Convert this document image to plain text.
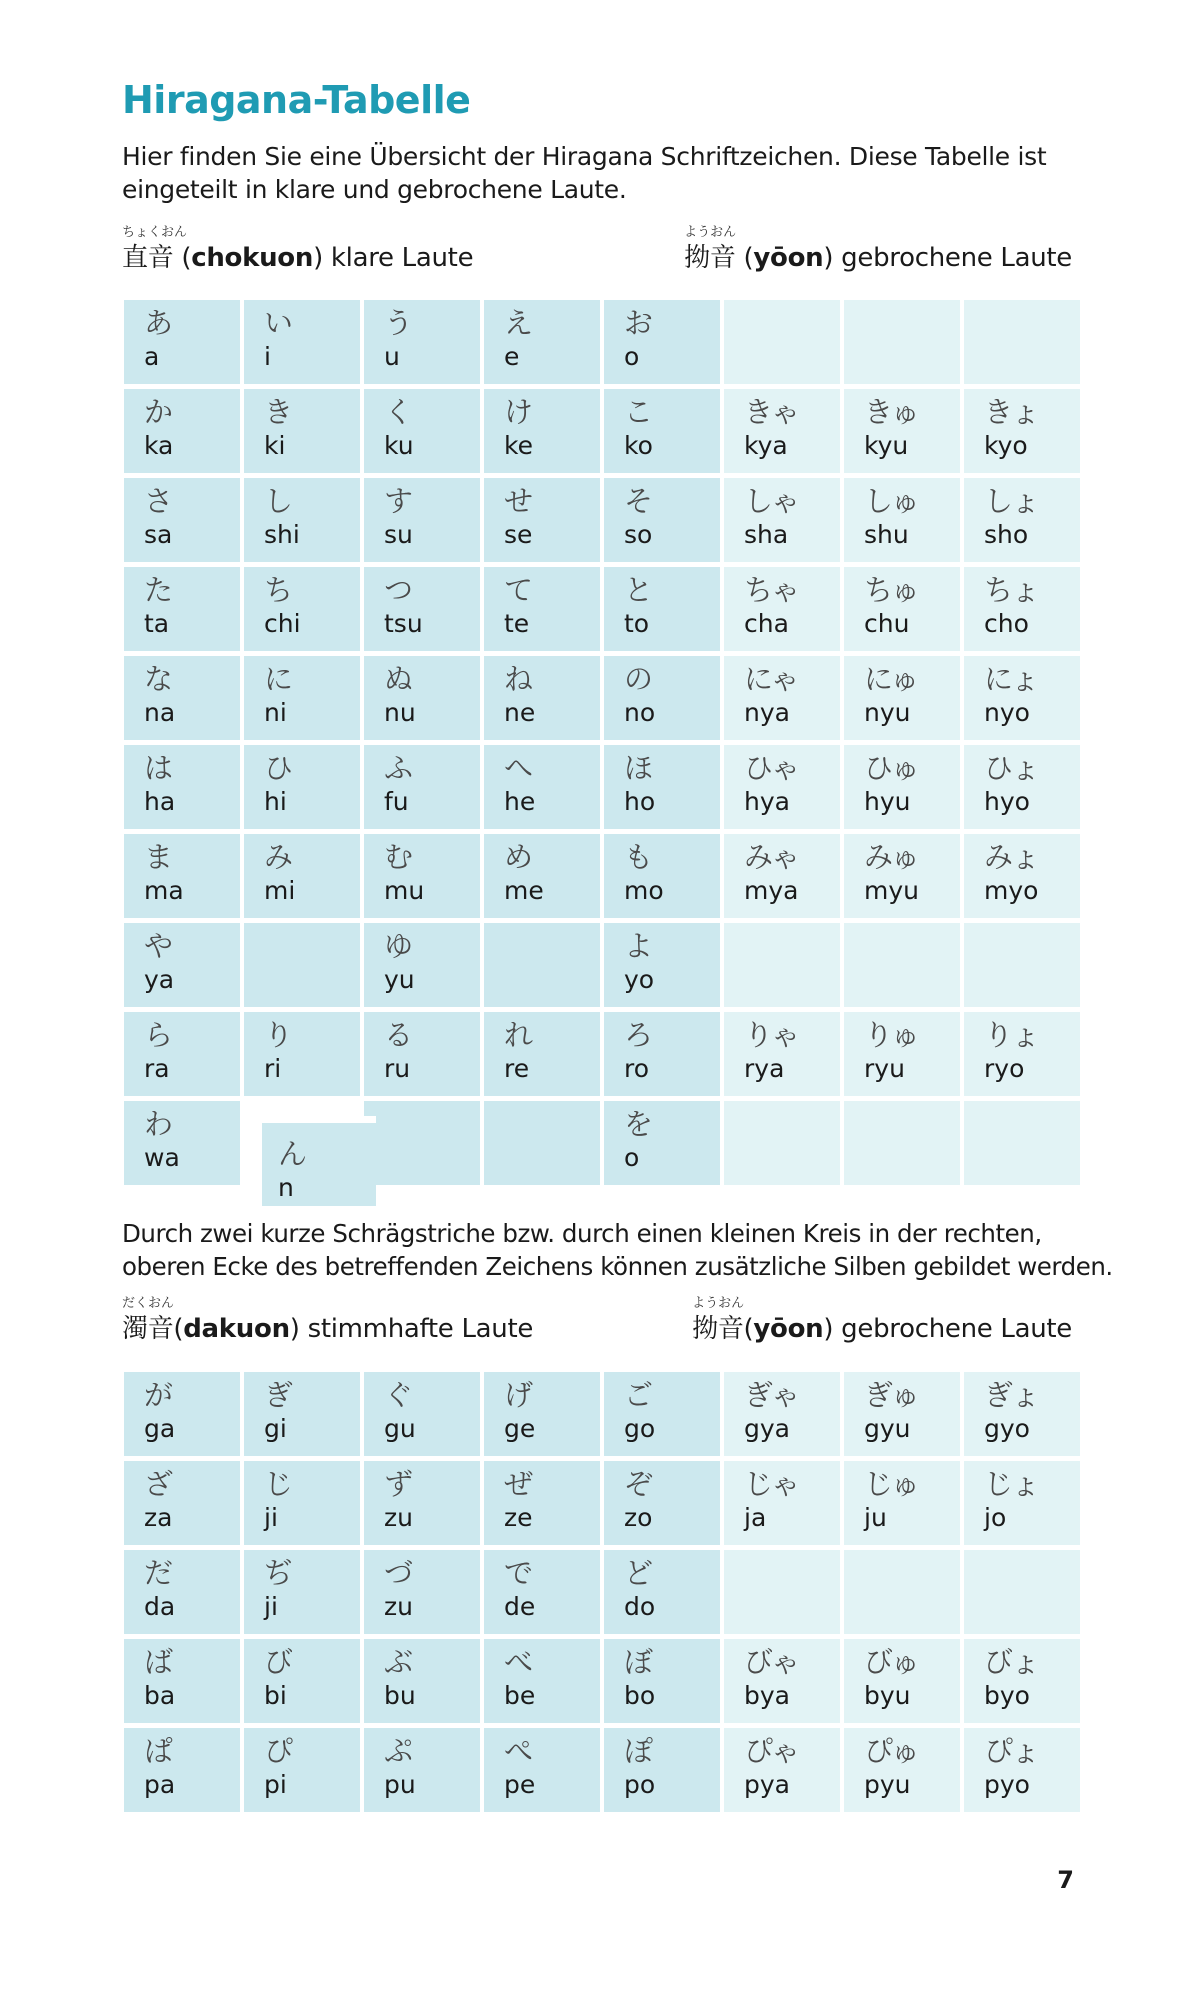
Hiragana-Tabelle

Hier finden Sie eine Übersicht der Hiragana Schriftzeichen. Diese Tabelle ist eingeteilt in klare und gebrochene Laute.

ちょくおん
直音 (chokuon) klare Laute
ようおん
拗音 (yōon) gebrochene Laute
あ
a
い
i
う
u
え
e
お
o
か
ka
き
ki
く
ku
け
ke
こ
ko
きゃ
kya
きゅ
kyu
きょ
kyo
さ
sa
し
shi
す
su
せ
se
そ
so
しゃ
sha
しゅ
shu
しょ
sho
た
ta
ち
chi
つ
tsu
て
te
と
to
ちゃ
cha
ちゅ
chu
ちょ
cho
な
na
に
ni
ぬ
nu
ね
ne
の
no
にゃ
nya
にゅ
nyu
にょ
nyo
は
ha
ひ
hi
ふ
fu
へ
he
ほ
ho
ひゃ
hya
ひゅ
hyu
ひょ
hyo
ま
ma
み
mi
む
mu
め
me
も
mo
みゃ
mya
みゅ
myu
みょ
myo
や
ya
ゆ
yu
よ
yo
ら
ra
り
ri
る
ru
れ
re
ろ
ro
りゃ
rya
りゅ
ryu
りょ
ryo
わ
wa
を
o
ん
n

Durch zwei kurze Schrägstriche bzw. durch einen kleinen Kreis in der rechten, oberen Ecke des betreffenden Zeichens können zusätzliche Silben gebildet werden.

だくおん
濁音(dakuon) stimmhafte Laute
ようおん
拗音(yōon) gebrochene Laute
が
ga
ぎ
gi
ぐ
gu
げ
ge
ご
go
ぎゃ
gya
ぎゅ
gyu
ぎょ
gyo
ざ
za
じ
ji
ず
zu
ぜ
ze
ぞ
zo
じゃ
ja
じゅ
ju
じょ
jo
だ
da
ぢ
ji
づ
zu
で
de
ど
do
ば
ba
び
bi
ぶ
bu
べ
be
ぼ
bo
びゃ
bya
びゅ
byu
びょ
byo
ぱ
pa
ぴ
pi
ぷ
pu
ぺ
pe
ぽ
po
ぴゃ
pya
ぴゅ
pyu
ぴょ
pyo
7
